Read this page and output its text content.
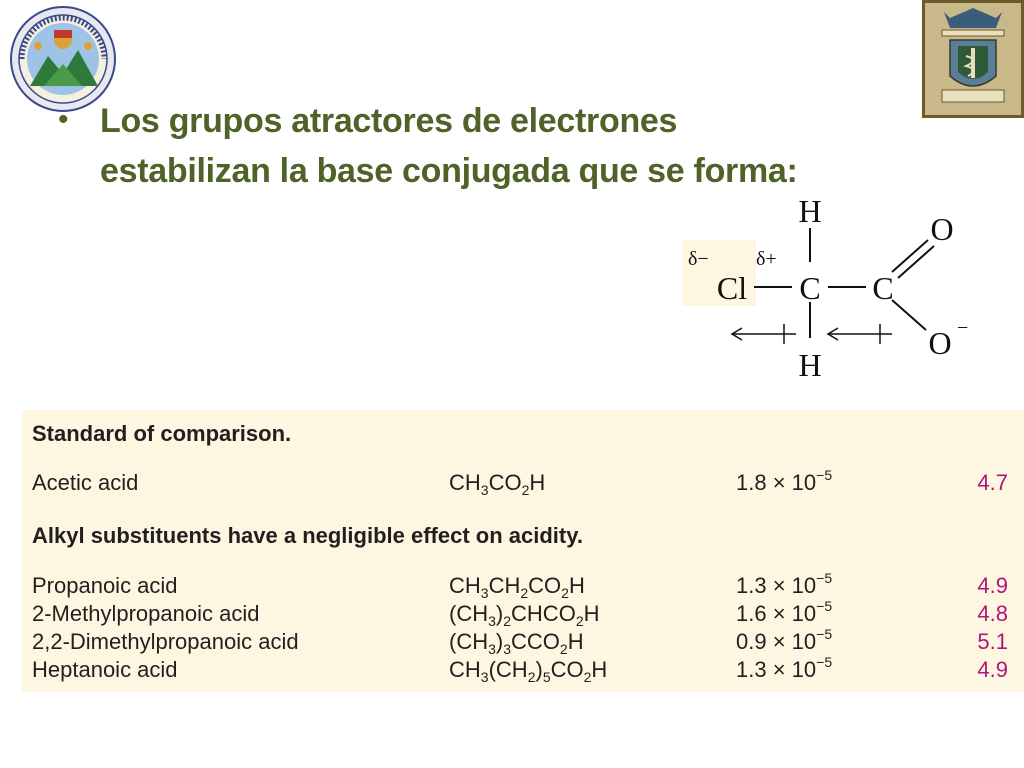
• Los grupos atractores de electrones
estabilizan la base conjugada que se forma:
H
H
Cl C C
O
O −
δ− δ+
Standard of comparison.
Acetic acid	$CH_3CO_2H$	$1.8 \times 10^{-5}$	4.7
Alkyl substituents have a negligible effect on acidity.
Propanoic acid	$CH_3CH_2CO_2H$	$1.3 \times 10^{-5}$	4.9
2-Methylpropanoic acid	$(CH_3)_2CHCO_2H$	$1.6 \times 10^{-5}$	4.8
2,2-Dimethylpropanoic acid	$(CH_3)_3CCO_2H$	$0.9 \times 10^{-5}$	5.1
Heptanoic acid	$CH_3(CH_2)_5CO_2H$	$1.3 \times 10^{-5}$	4.9
